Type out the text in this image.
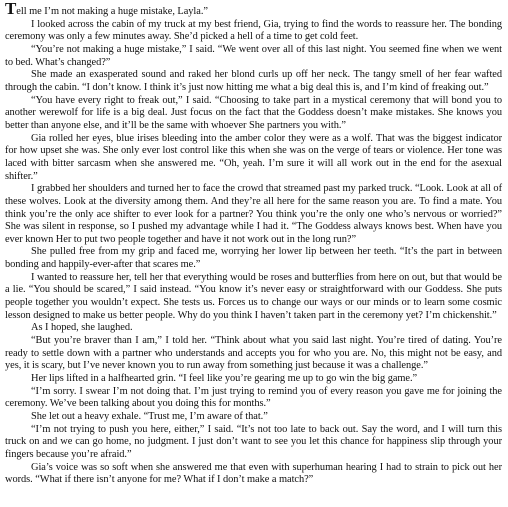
Tell me I’m not making a huge mistake, Layla.”

I looked across the cabin of my truck at my best friend, Gia, trying to find the words to reassure her. The bonding ceremony was only a few minutes away. She’d picked a hell of a time to get cold feet.

“You’re not making a huge mistake,” I said. “We went over all of this last night. You seemed fine when we went to bed. What’s changed?”

She made an exasperated sound and raked her blond curls up off her neck. The tangy smell of her fear wafted through the cabin. “I don’t know. I think it’s just now hitting me what a big deal this is, and I’m kind of freaking out.”

“You have every right to freak out,” I said. “Choosing to take part in a mystical ceremony that will bond you to another werewolf for life is a big deal. Just focus on the fact that the Goddess doesn’t make mistakes. She knows you better than anyone else, and it’ll be the same with whoever She partners you with.”

Gia rolled her eyes, blue irises bleeding into the amber color they were as a wolf. That was the biggest indicator for how upset she was. She only ever lost control like this when she was on the verge of tears or violence. Her tone was laced with bitter sarcasm when she answered me. “Oh, yeah. I’m sure it will all work out in the end for the asexual shifter.”

I grabbed her shoulders and turned her to face the crowd that streamed past my parked truck. “Look. Look at all of these wolves. Look at the diversity among them. And they’re all here for the same reason you are. To find a mate. You think you’re the only ace shifter to ever look for a partner? You think you’re the only one who’s nervous or worried?” She was silent in response, so I pushed my advantage while I had it. “The Goddess always knows best. When have you ever known Her to put two people together and have it not work out in the long run?”

She pulled free from my grip and faced me, worrying her lower lip between her teeth. “It’s the part in between bonding and happily-ever-after that scares me.”

I wanted to reassure her, tell her that everything would be roses and butterflies from here on out, but that would be a lie. “You should be scared,” I said instead. “You know it’s never easy or straightforward with our Goddess. She puts people together you wouldn’t expect. She tests us. Forces us to change our ways or our minds or to learn some cosmic lesson designed to make us better people. Why do you think I haven’t taken part in the ceremony yet? I’m chickenshit.”

As I hoped, she laughed.

“But you’re braver than I am,” I told her. “Think about what you said last night. You’re tired of dating. You’re ready to settle down with a partner who understands and accepts you for who you are. No, this might not be easy, and yes, it is scary, but I’ve never known you to run away from something just because it was a challenge.”

Her lips lifted in a halfhearted grin. “I feel like you’re gearing me up to go win the big game.”

“I’m sorry. I swear I’m not doing that. I’m just trying to remind you of every reason you gave me for joining the ceremony. We’ve been talking about you doing this for months.”

She let out a heavy exhale. “Trust me, I’m aware of that.”

“I’m not trying to push you here, either,” I said. “It’s not too late to back out. Say the word, and I will turn this truck on and we can go home, no judgment. I just don’t want to see you let this chance for happiness slip through your fingers because you’re afraid.”

Gia’s voice was so soft when she answered me that even with superhuman hearing I had to strain to pick out her words. “What if there isn’t anyone for me? What if I don’t make a match?”
